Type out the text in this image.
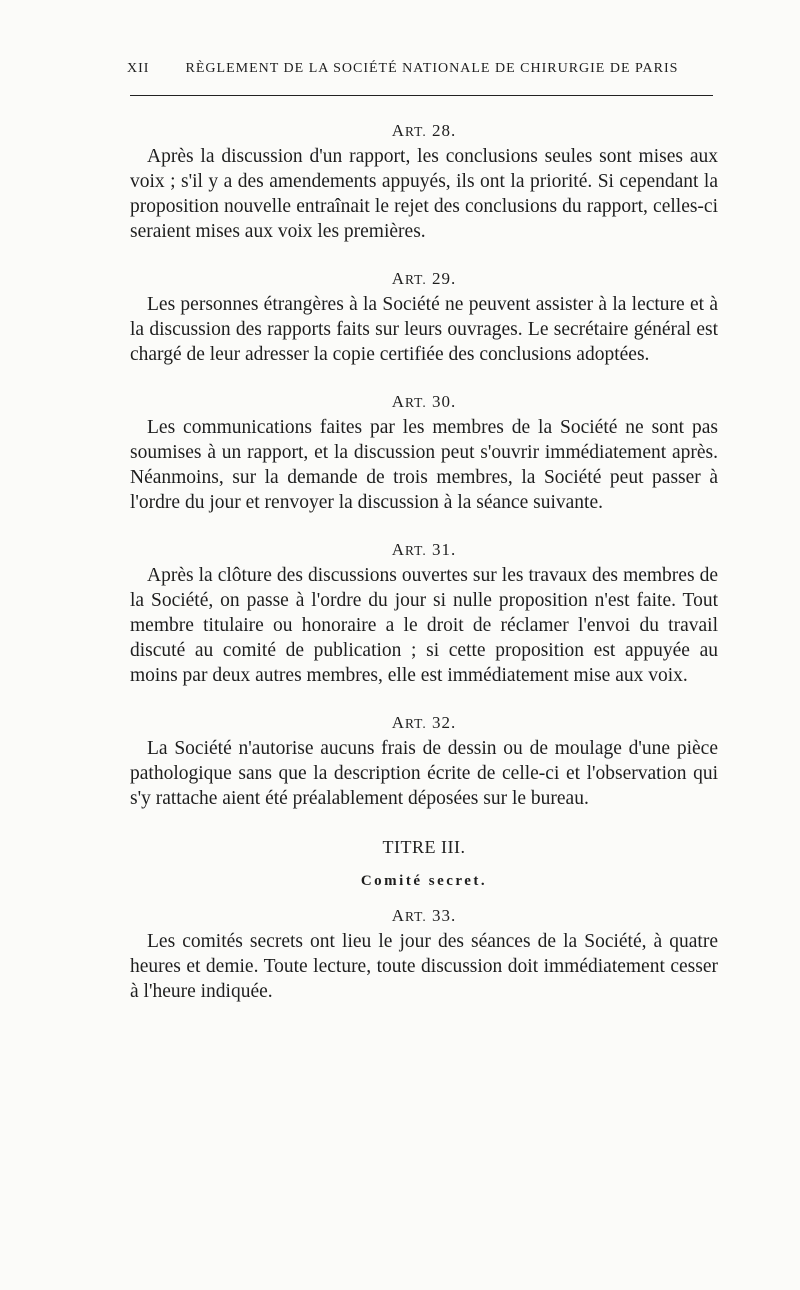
XII	RÈGLEMENT DE LA SOCIÉTÉ NATIONALE DE CHIRURGIE DE PARIS
ART. 28.

Après la discussion d'un rapport, les conclusions seules sont mises aux voix ; s'il y a des amendements appuyés, ils ont la priorité. Si cependant la proposition nouvelle entraînait le rejet des conclusions du rapport, celles-ci seraient mises aux voix les premières.

ART. 29.

Les personnes étrangères à la Société ne peuvent assister à la lecture et à la discussion des rapports faits sur leurs ouvrages. Le secrétaire général est chargé de leur adresser la copie certifiée des conclusions adoptées.

ART. 30.

Les communications faites par les membres de la Société ne sont pas soumises à un rapport, et la discussion peut s'ouvrir immédiatement après. Néanmoins, sur la demande de trois membres, la Société peut passer à l'ordre du jour et renvoyer la discussion à la séance suivante.

ART. 31.

Après la clôture des discussions ouvertes sur les travaux des membres de la Société, on passe à l'ordre du jour si nulle proposition n'est faite. Tout membre titulaire ou honoraire a le droit de réclamer l'envoi du travail discuté au comité de publication ; si cette proposition est appuyée au moins par deux autres membres, elle est immédiatement mise aux voix.

ART. 32.

La Société n'autorise aucuns frais de dessin ou de moulage d'une pièce pathologique sans que la description écrite de celle-ci et l'observation qui s'y rattache aient été préalablement déposées sur le bureau.

TITRE III.
Comité secret.
ART. 33.

Les comités secrets ont lieu le jour des séances de la Société, à quatre heures et demie. Toute lecture, toute discussion doit immédiatement cesser à l'heure indiquée.
